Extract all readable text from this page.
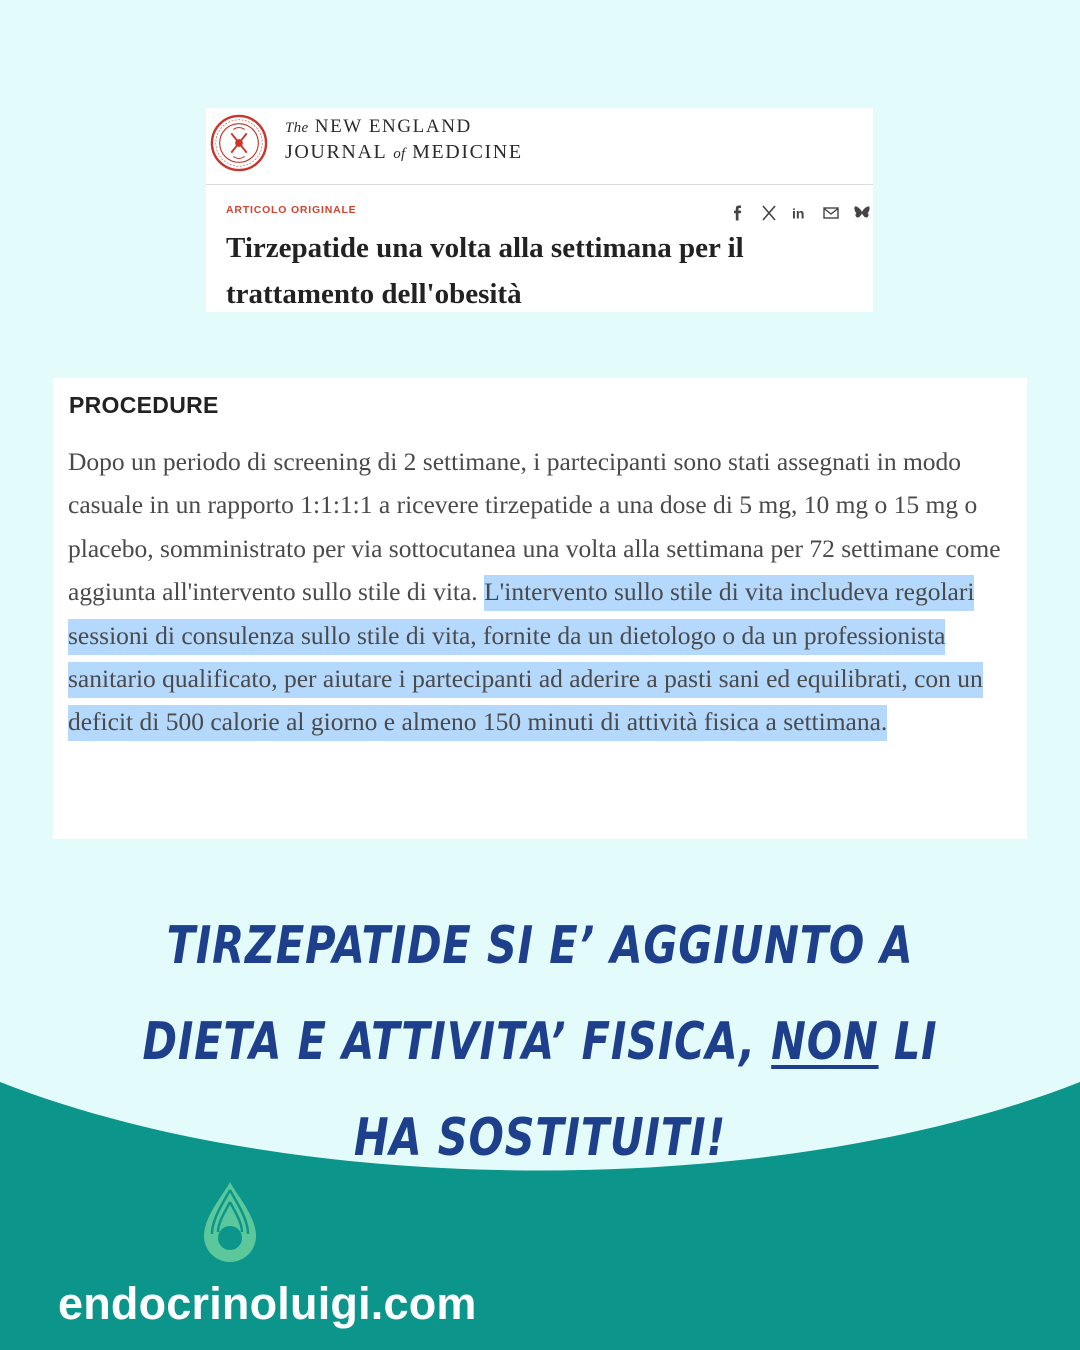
The NEW ENGLAND
JOURNAL of MEDICINE
ARTICOLO ORIGINALE	in
Tirzepatide una volta alla settimana per il trattamento dell'obesità
PROCEDURE
Dopo un periodo di screening di 2 settimane, i partecipanti sono stati assegnati in modo casuale in un rapporto 1:1:1:1 a ricevere tirzepatide a una dose di 5 mg, 10 mg o 15 mg o placebo, somministrato per via sottocutanea una volta alla settimana per 72 settimane come aggiunta all'intervento sullo stile di vita. L'intervento sullo stile di vita includeva regolari sessioni di consulenza sullo stile di vita, fornite da un dietologo o da un professionista sanitario qualificato, per aiutare i partecipanti ad aderire a pasti sani ed equilibrati, con un deficit di 500 calorie al giorno e almeno 150 minuti di attività fisica a settimana.
TIRZEPATIDE SI E’ AGGIUNTO A DIETA E ATTIVITA’ FISICA, NON LI HA SOSTITUITI!
endocrinoluigi.com
